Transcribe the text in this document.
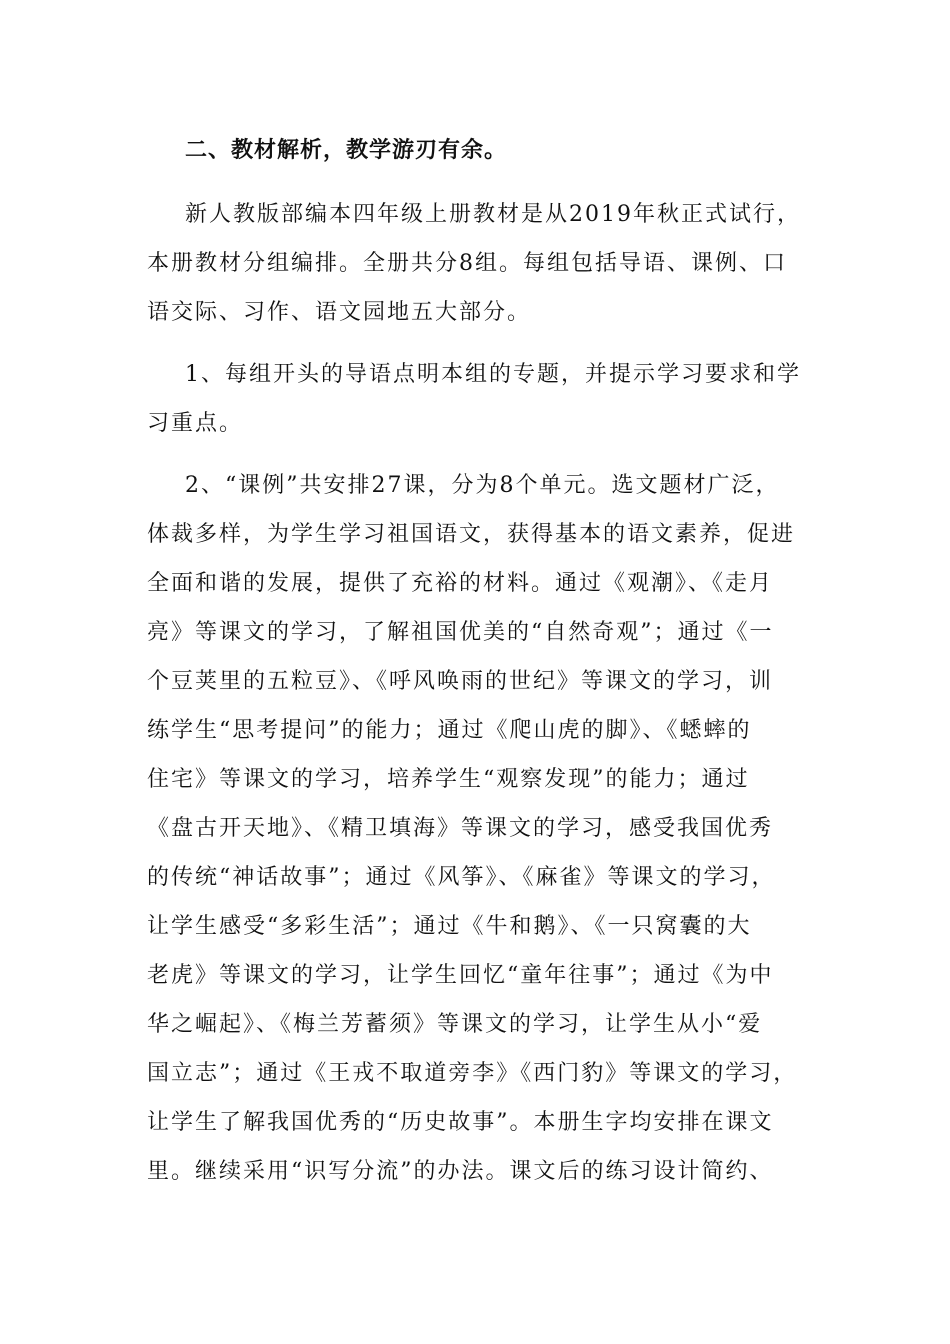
二、教材解析，教学游刃有余。
新人教版部编本四年级上册教材是从2019年秋正式试行，
本册教材分组编排。全册共分8组。每组包括导语、课例、口
语交际、习作、语文园地五大部分。
1、每组开头的导语点明本组的专题，并提示学习要求和学
习重点。
2、“课例”共安排27课，分为8个单元。选文题材广泛，
体裁多样，为学生学习祖国语文，获得基本的语文素养，促进
全面和谐的发展，提供了充裕的材料。通过《观潮》、《走月
亮》等课文的学习，了解祖国优美的“自然奇观”；通过《一
个豆荚里的五粒豆》、《呼风唤雨的世纪》等课文的学习，训
练学生“思考提问”的能力；通过《爬山虎的脚》、《蟋蟀的
住宅》等课文的学习，培养学生“观察发现”的能力；通过
《盘古开天地》、《精卫填海》等课文的学习，感受我国优秀
的传统“神话故事”；通过《风筝》、《麻雀》等课文的学习，
让学生感受“多彩生活”；通过《牛和鹅》、《一只窝囊的大
老虎》等课文的学习，让学生回忆“童年往事”；通过《为中
华之崛起》、《梅兰芳蓄须》等课文的学习，让学生从小“爱
国立志”；通过《王戎不取道旁李》《西门豹》等课文的学习，
让学生了解我国优秀的“历史故事”。本册生字均安排在课文
里。继续采用“识写分流”的办法。课文后的练习设计简约、
